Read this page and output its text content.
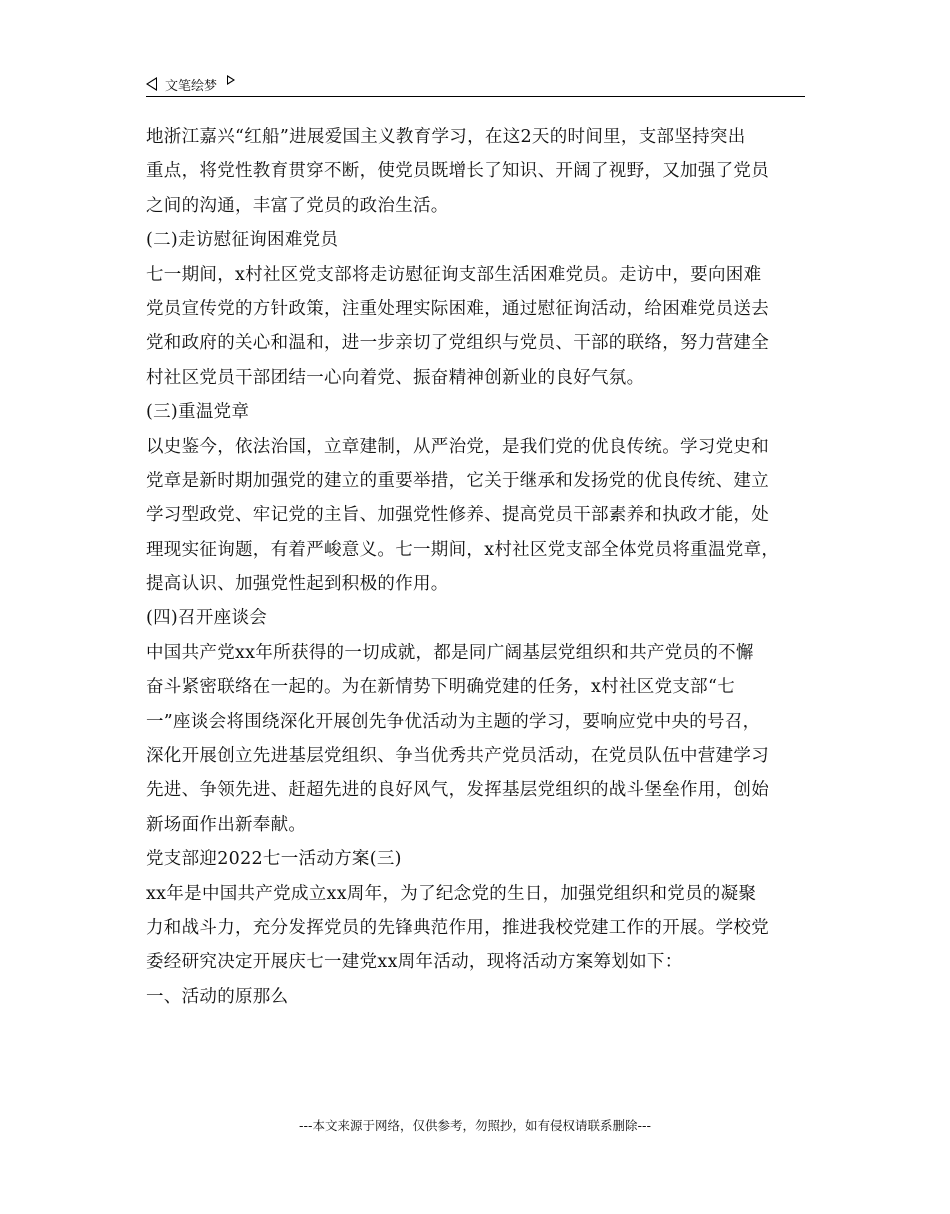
文笔绘梦
地浙江嘉兴“红船”进展爱国主义教育学习，在这2天的时间里，支部坚持突出
重点，将党性教育贯穿不断，使党员既增长了知识、开阔了视野，又加强了党员
之间的沟通，丰富了党员的政治生活。
(二)走访慰征询困难党员
七一期间，x村社区党支部将走访慰征询支部生活困难党员。走访中，要向困难
党员宣传党的方针政策，注重处理实际困难，通过慰征询活动，给困难党员送去
党和政府的关心和温和，进一步亲切了党组织与党员、干部的联络，努力营建全
村社区党员干部团结一心向着党、振奋精神创新业的良好气氛。
(三)重温党章
以史鉴今，依法治国，立章建制，从严治党，是我们党的优良传统。学习党史和
党章是新时期加强党的建立的重要举措，它关于继承和发扬党的优良传统、建立
学习型政党、牢记党的主旨、加强党性修养、提高党员干部素养和执政才能，处
理现实征询题，有着严峻意义。七一期间，x村社区党支部全体党员将重温党章，
提高认识、加强党性起到积极的作用。
(四)召开座谈会
中国共产党xx年所获得的一切成就，都是同广阔基层党组织和共产党员的不懈
奋斗紧密联络在一起的。为在新情势下明确党建的任务，x村社区党支部“七
一”座谈会将围绕深化开展创先争优活动为主题的学习，要响应党中央的号召，
深化开展创立先进基层党组织、争当优秀共产党员活动，在党员队伍中营建学习
先进、争领先进、赶超先进的良好风气，发挥基层党组织的战斗堡垒作用，创始
新场面作出新奉献。
党支部迎2022七一活动方案(三)
xx年是中国共产党成立xx周年，为了纪念党的生日，加强党组织和党员的凝聚
力和战斗力，充分发挥党员的先锋典范作用，推进我校党建工作的开展。学校党
委经研究决定开展庆七一建党xx周年活动，现将活动方案筹划如下：
一、活动的原那么
---本文来源于网络，仅供参考，勿照抄，如有侵权请联系删除---
